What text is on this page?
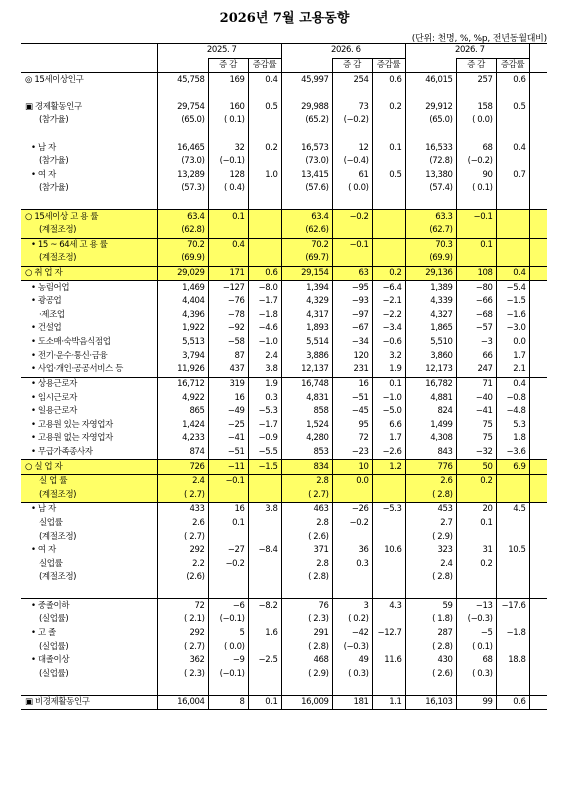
2026년 7월 고용동향
(단위: 천명, %, %p, 전년동월대비)
		2025. 7				2026. 6				2026. 7			
			증 감	증감률			증 감	증감률			증 감	증감률	
◎ 15세이상인구		45,758	169	0.4		45,997	254	0.6		46,015	257	0.6	

▣ 경제활동인구		29,754	160	0.5		29,988	73	0.2		29,912	158	0.5	
(참가율)		(65.0)	( 0.1)			(65.2)	(−0.2)			(65.0)	( 0.0)		

• 남 자		16,465	32	0.2		16,573	12	0.1		16,533	68	0.4	
(참가율)		(73.0)	(−0.1)			(73.0)	(−0.4)			(72.8)	(−0.2)		
• 여 자		13,289	128	1.0		13,415	61	0.5		13,380	90	0.7	
(참가율)		(57.3)	( 0.4)			(57.6)	( 0.0)			(57.4)	( 0.1)		

○ 15세이상 고 용 률		63.4	0.1			63.4	−0.2			63.3	−0.1		
(계절조정)		(62.8)				(62.6)				(62.7)			
• 15 ~ 64세 고 용 률		70.2	0.4			70.2	−0.1			70.3	0.1		
(계절조정)		(69.9)				(69.7)				(69.9)			
○ 취 업 자		29,029	171	0.6		29,154	63	0.2		29,136	108	0.4	
• 농림어업		1,469	−127	−8.0		1,394	−95	−6.4		1,389	−80	−5.4	
• 광공업		4,404	−76	−1.7		4,329	−93	−2.1		4,339	−66	−1.5	
·제조업		4,396	−78	−1.8		4,317	−97	−2.2		4,327	−68	−1.6	
• 건설업		1,922	−92	−4.6		1,893	−67	−3.4		1,865	−57	−3.0	
• 도소매·숙박음식점업		5,513	−58	−1.0		5,514	−34	−0.6		5,510	−3	0.0	
• 전기·운수·통신·금융		3,794	87	2.4		3,886	120	3.2		3,860	66	1.7	
• 사업·개인·공공서비스 등		11,926	437	3.8		12,137	231	1.9		12,173	247	2.1	
• 상용근로자		16,712	319	1.9		16,748	16	0.1		16,782	71	0.4	
• 임시근로자		4,922	16	0.3		4,831	−51	−1.0		4,881	−40	−0.8	
• 일용근로자		865	−49	−5.3		858	−45	−5.0		824	−41	−4.8	
• 고용원 있는 자영업자		1,424	−25	−1.7		1,524	95	6.6		1,499	75	5.3	
• 고용원 없는 자영업자		4,233	−41	−0.9		4,280	72	1.7		4,308	75	1.8	
• 무급가족종사자		874	−51	−5.5		853	−23	−2.6		843	−32	−3.6	
○ 실 업 자		726	−11	−1.5		834	10	1.2		776	50	6.9	
실 업 률		2.4	−0.1			2.8	0.0			2.6	0.2		
(계절조정)		( 2.7)				( 2.7)				( 2.8)			
• 남 자		433	16	3.8		463	−26	−5.3		453	20	4.5	
실업률		2.6	0.1			2.8	−0.2			2.7	0.1		
(계절조정)		( 2.7)				( 2.6)				( 2.9)			
• 여 자		292	−27	−8.4		371	36	10.6		323	31	10.5	
실업률		2.2	−0.2			2.8	0.3			2.4	0.2		
(계절조정)		(2.6)				( 2.8)				( 2.8)			

• 중졸이하		72	−6	−8.2		76	3	4.3		59	−13	−17.6	
(실업률)		( 2.1)	(−0.1)			( 2.3)	( 0.2)			( 1.8)	(−0.3)		
• 고 졸		292	5	1.6		291	−42	−12.7		287	−5	−1.8	
(실업률)		( 2.7)	( 0.0)			( 2.8)	(−0.3)			( 2.8)	( 0.1)		
• 대졸이상		362	−9	−2.5		468	49	11.6		430	68	18.8	
(실업률)		( 2.3)	(−0.1)			( 2.9)	( 0.3)			( 2.6)	( 0.3)		

▣ 비경제활동인구		16,004	8	0.1		16,009	181	1.1		16,103	99	0.6	
